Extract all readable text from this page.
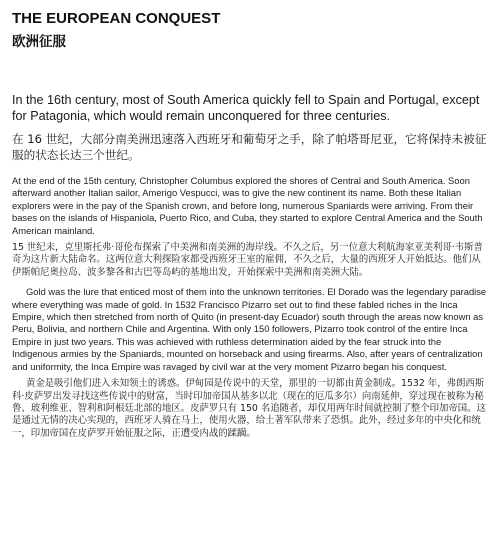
THE EUROPEAN CONQUEST
欧洲征服

In the 16th century, most of South America quickly fell to Spain and Portugal, except for Patagonia, which would remain unconquered for three centuries.

在 16 世纪，大部分南美洲迅速落入西班牙和葡萄牙之手，除了帕塔哥尼亚，它将保持未被征服的状态长达三个世纪。

At the end of the 15th century, Christopher Columbus explored the shores of Central and South America. Soon afterward another Italian sailor, Amerigo Vespucci, was to give the new continent its name. Both these Italian explorers were in the pay of the Spanish crown, and before long, numerous Spaniards were arriving. From their bases on the islands of Hispaniola, Puerto Rico, and Cuba, they started to explore Central America and the South American mainland.

15 世纪末，克里斯托弗·哥伦布探索了中美洲和南美洲的海岸线。不久之后，另一位意大利航海家亚美利哥·韦斯普奇为这片新大陆命名。这两位意大利探险家都受西班牙王室的雇佣，不久之后，大量的西班牙人开始抵达。他们从伊斯帕尼奥拉岛、波多黎各和古巴等岛屿的基地出发，开始探索中美洲和南美洲大陆。

Gold was the lure that enticed most of them into the unknown territories. El Dorado was the legendary paradise where everything was made of gold. In 1532 Francisco Pizarro set out to find these fabled riches in the Inca Empire, which then stretched from north of Quito (in present-day Ecuador) south through the areas now known as Peru, Bolivia, and northern Chile and Argentina. With only 150 followers, Pizarro took control of the entire Inca Empire in just two years. This was achieved with ruthless determination aided by the fear struck into the Indigenous armies by the Spaniards, mounted on horseback and using firearms. Also, after years of centralization and uniformity, the Inca Empire was ravaged by civil war at the very moment Pizarro began his conquest.

黄金是吸引他们进入未知领土的诱惑。伊甸园是传说中的天堂，那里的一切都由黄金制成。1532 年，弗朗西斯科·皮萨罗出发寻找这些传说中的财富，当时印加帝国从基多以北（现在的厄瓜多尔）向南延伸，穿过现在被称为秘鲁、玻利维亚、智利和阿根廷北部的地区。皮萨罗只有 150 名追随者，却仅用两年时间就控制了整个印加帝国。这是通过无情的决心实现的，西班牙人骑在马上，使用火器，给土著军队带来了恐惧。此外，经过多年的中央化和统一，印加帝国在皮萨罗开始征服之际，正遭受内战的蹂躏。
